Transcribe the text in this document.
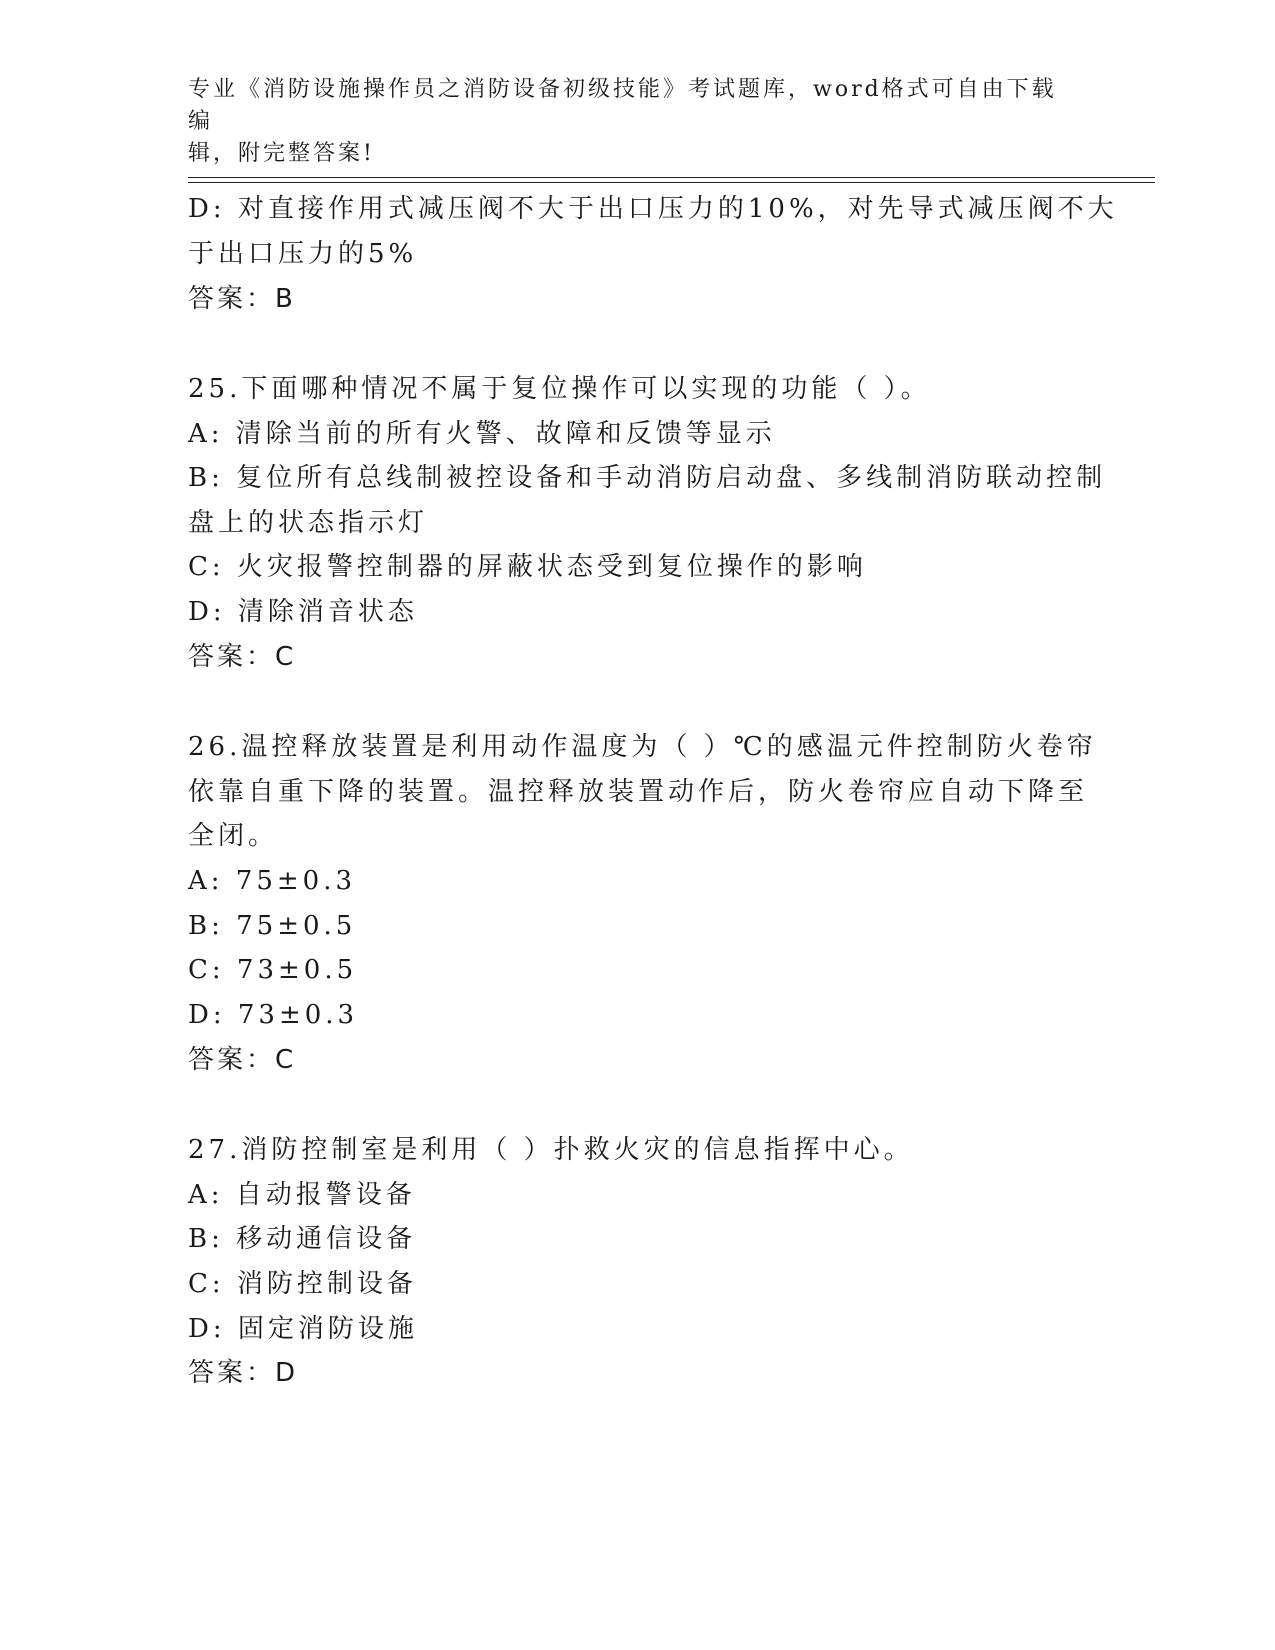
专业《消防设施操作员之消防设备初级技能》考试题库，word格式可自由下载编
辑，附完整答案!
D: 对直接作用式减压阀不大于出口压力的10%，对先导式减压阀不大
于出口压力的5%
答案：B
25.下面哪种情况不属于复位操作可以实现的功能（ ）。
A: 清除当前的所有火警、故障和反馈等显示
B: 复位所有总线制被控设备和手动消防启动盘、多线制消防联动控制
盘上的状态指示灯
C: 火灾报警控制器的屏蔽状态受到复位操作的影响
D: 清除消音状态
答案：C
26.温控释放装置是利用动作温度为（ ）℃的感温元件控制防火卷帘
依靠自重下降的装置。温控释放装置动作后，防火卷帘应自动下降至
全闭。
A: 75±0.3
B: 75±0.5
C: 73±0.5
D: 73±0.3
答案：C
27.消防控制室是利用（ ）扑救火灾的信息指挥中心。
A: 自动报警设备
B: 移动通信设备
C: 消防控制设备
D: 固定消防设施
答案：D
